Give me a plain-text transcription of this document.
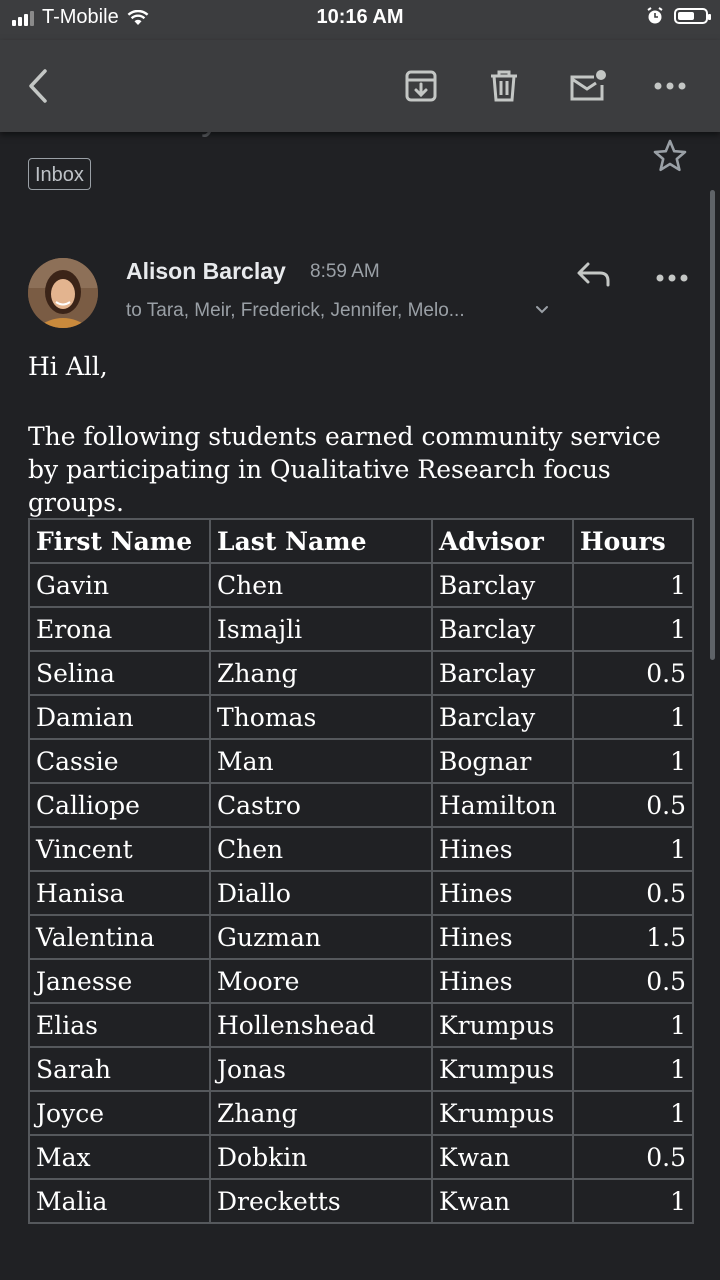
T-Mobile	10:16 AM
Inbox
Alison Barclay 8:59 AM
to Tara, Meir, Frederick, Jennifer, Melo...

Hi All,

The following students earned community service by participating in Qualitative Research focus groups.

First Name	Last Name	Advisor	Hours
Gavin	Chen	Barclay	1
Erona	Ismajli	Barclay	1
Selina	Zhang	Barclay	0.5
Damian	Thomas	Barclay	1
Cassie	Man	Bognar	1
Calliope	Castro	Hamilton	0.5
Vincent	Chen	Hines	1
Hanisa	Diallo	Hines	0.5
Valentina	Guzman	Hines	1.5
Janesse	Moore	Hines	0.5
Elias	Hollenshead	Krumpus	1
Sarah	Jonas	Krumpus	1
Joyce	Zhang	Krumpus	1
Max	Dobkin	Kwan	0.5
Malia	Drecketts	Kwan	1
